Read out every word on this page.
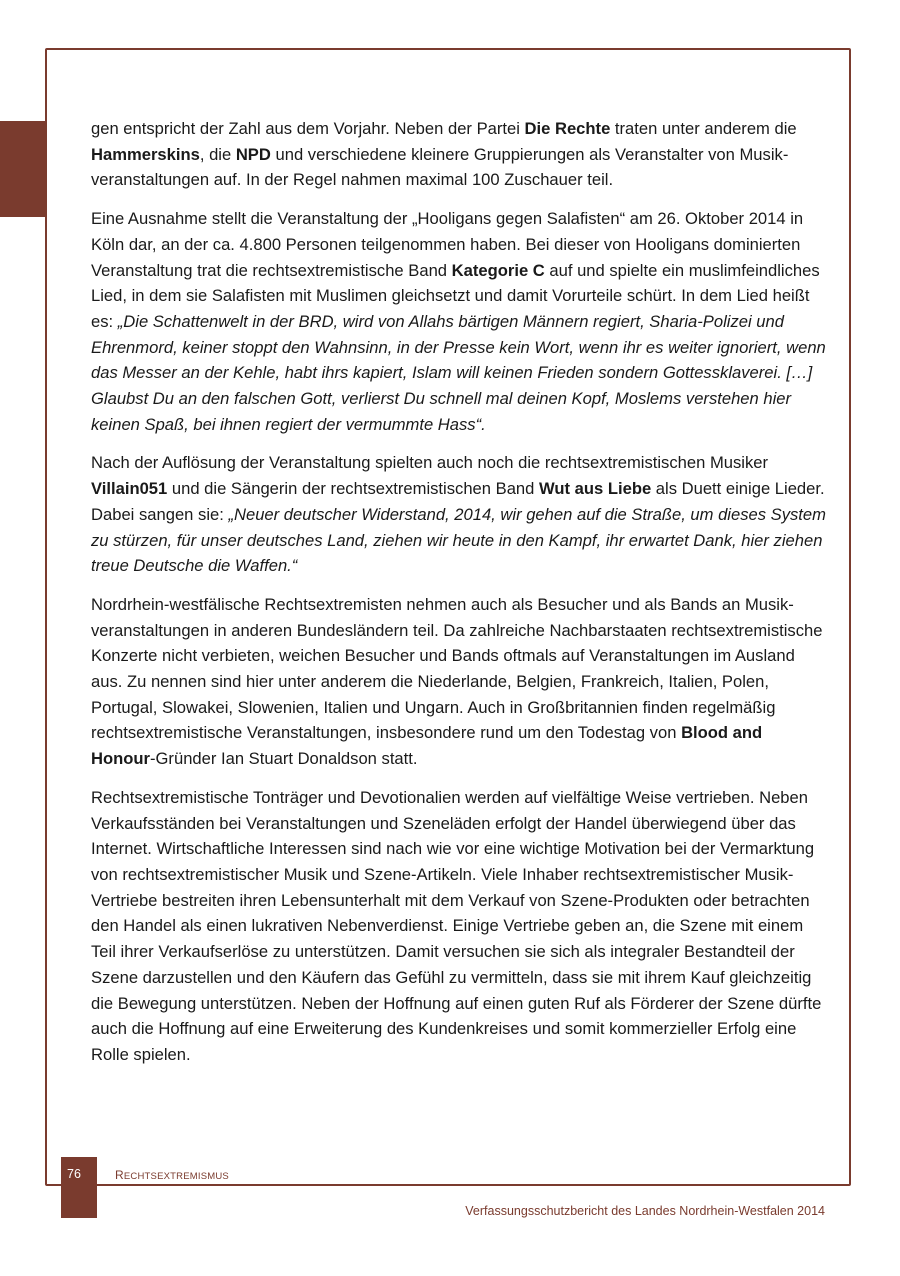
gen entspricht der Zahl aus dem Vorjahr. Neben der Partei Die Rechte traten unter anderem die Hammerskins, die NPD und verschiedene kleinere Gruppierungen als Veranstalter von Musikveranstaltungen auf. In der Regel nahmen maximal 100 Zuschauer teil.

Eine Ausnahme stellt die Veranstaltung der „Hooligans gegen Salafisten“ am 26. Oktober 2014 in Köln dar, an der ca. 4.800 Personen teilgenommen haben. Bei dieser von Hooligans dominierten Veranstaltung trat die rechtsextremistische Band Kategorie C auf und spielte ein muslimfeindliches Lied, in dem sie Salafisten mit Muslimen gleichsetzt und damit Vorurteile schürt. In dem Lied heißt es: „Die Schattenwelt in der BRD, wird von Allahs bärtigen Männern regiert, Sharia-Polizei und Ehrenmord, keiner stoppt den Wahnsinn, in der Presse kein Wort, wenn ihr es weiter ignoriert, wenn das Messer an der Kehle, habt ihrs kapiert, Islam will keinen Frieden sondern Gottessklaverei. […] Glaubst Du an den falschen Gott, verlierst Du schnell mal deinen Kopf, Moslems verstehen hier keinen Spaß, bei ihnen regiert der vermummte Hass“.

Nach der Auflösung der Veranstaltung spielten auch noch die rechtsextremistischen Musiker Villain051 und die Sängerin der rechtsextremistischen Band Wut aus Liebe als Duett einige Lieder. Dabei sangen sie: „Neuer deutscher Widerstand, 2014, wir gehen auf die Straße, um dieses System zu stürzen, für unser deutsches Land, ziehen wir heute in den Kampf, ihr erwartet Dank, hier ziehen treue Deutsche die Waffen.“

Nordrhein-westfälische Rechtsextremisten nehmen auch als Besucher und als Bands an Musikveranstaltungen in anderen Bundesländern teil. Da zahlreiche Nachbarstaaten rechtsextremistische Konzerte nicht verbieten, weichen Besucher und Bands oftmals auf Veranstaltungen im Ausland aus. Zu nennen sind hier unter anderem die Niederlande, Belgien, Frankreich, Italien, Polen, Portugal, Slowakei, Slowenien, Italien und Ungarn. Auch in Großbritannien finden regelmäßig rechtsextremistische Veranstaltungen, insbesondere rund um den Todestag von Blood and Honour-Gründer Ian Stuart Donaldson statt.

Rechtsextremistische Tonträger und Devotionalien werden auf vielfältige Weise vertrieben. Neben Verkaufsständen bei Veranstaltungen und Szeneläden erfolgt der Handel überwiegend über das Internet. Wirtschaftliche Interessen sind nach wie vor eine wichtige Motivation bei der Vermarktung von rechtsextremistischer Musik und Szene-Artikeln. Viele Inhaber rechtsextremistischer Musik-Vertriebe bestreiten ihren Lebensunterhalt mit dem Verkauf von Szene-Produkten oder betrachten den Handel als einen lukrativen Nebenverdienst. Einige Vertriebe geben an, die Szene mit einem Teil ihrer Verkaufserlöse zu unterstützen. Damit versuchen sie sich als integraler Bestandteil der Szene darzustellen und den Käufern das Gefühl zu vermitteln, dass sie mit ihrem Kauf gleichzeitig die Bewegung unterstützen. Neben der Hoffnung auf einen guten Ruf als Förderer der Szene dürfte auch die Hoffnung auf eine Erweiterung des Kundenkreises und somit kommerzieller Erfolg eine Rolle spielen.

76	RECHTSEXTREMISMUS
Verfassungsschutzbericht des Landes Nordrhein-Westfalen 2014
